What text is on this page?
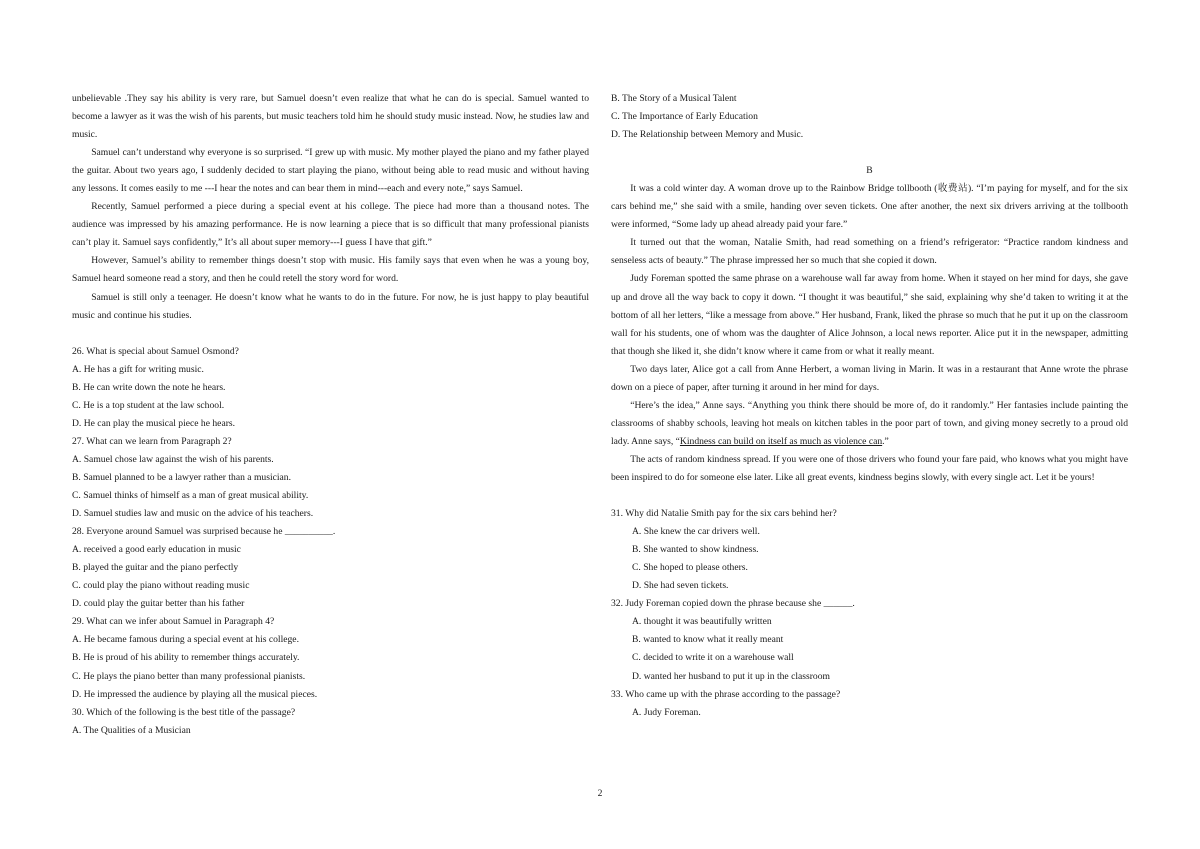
unbelievable .They say his ability is very rare, but Samuel doesn’t even realize that what he can do is special. Samuel wanted to become a lawyer as it was the wish of his parents, but music teachers told him he should study music instead. Now, he studies law and music.

Samuel can’t understand why everyone is so surprised. “I grew up with music. My mother played the piano and my father played the guitar. About two years ago, I suddenly decided to start playing the piano, without being able to read music and without having any lessons. It comes easily to me ---I hear the notes and can bear them in mind---each and every note,” says Samuel.

Recently, Samuel performed a piece during a special event at his college. The piece had more than a thousand notes. The audience was impressed by his amazing performance. He is now learning a piece that is so difficult that many professional pianists can’t play it. Samuel says confidently,” It’s all about super memory---I guess I have that gift.”

However, Samuel’s ability to remember things doesn’t stop with music. His family says that even when he was a young boy, Samuel heard someone read a story, and then he could retell the story word for word.

Samuel is still only a teenager. He doesn’t know what he wants to do in the future. For now, he is just happy to play beautiful music and continue his studies.

26. What is special about Samuel Osmond?
A. He has a gift for writing music.
B. He can write down the note he hears.
C. He is a top student at the law school.
D. He can play the musical piece he hears.
27. What can we learn from Paragraph 2?
A. Samuel chose law against the wish of his parents.
B. Samuel planned to be a lawyer rather than a musician.
C. Samuel thinks of himself as a man of great musical ability.
D. Samuel studies law and music on the advice of his teachers.
28. Everyone around Samuel was surprised because he __________.
A. received a good early education in music
B. played the guitar and the piano perfectly
C. could play the piano without reading music
D. could play the guitar better than his father
29. What can we infer about Samuel in Paragraph 4?
A. He became famous during a special event at his college.
B. He is proud of his ability to remember things accurately.
C. He plays the piano better than many professional pianists.
D. He impressed the audience by playing all the musical pieces.
30. Which of the following is the best title of the passage?
A. The Qualities of a Musician
B. The Story of a Musical Talent
C. The Importance of Early Education
D. The Relationship between Memory and Music.
B

It was a cold winter day. A woman drove up to the Rainbow Bridge tollbooth (收费站). “I’m paying for myself, and for the six cars behind me,” she said with a smile, handing over seven tickets. One after another, the next six drivers arriving at the tollbooth were informed, “Some lady up ahead already paid your fare.”

It turned out that the woman, Natalie Smith, had read something on a friend’s refrigerator: “Practice random kindness and senseless acts of beauty.” The phrase impressed her so much that she copied it down.

Judy Foreman spotted the same phrase on a warehouse wall far away from home. When it stayed on her mind for days, she gave up and drove all the way back to copy it down. “I thought it was beautiful,” she said, explaining why she’d taken to writing it at the bottom of all her letters, “like a message from above.” Her husband, Frank, liked the phrase so much that he put it up on the classroom wall for his students, one of whom was the daughter of Alice Johnson, a local news reporter. Alice put it in the newspaper, admitting that though she liked it, she didn’t know where it came from or what it really meant.

Two days later, Alice got a call from Anne Herbert, a woman living in Marin. It was in a restaurant that Anne wrote the phrase down on a piece of paper, after turning it around in her mind for days.

“Here’s the idea,” Anne says. “Anything you think there should be more of, do it randomly.” Her fantasies include painting the classrooms of shabby schools, leaving hot meals on kitchen tables in the poor part of town, and giving money secretly to a proud old lady. Anne says, “Kindness can build on itself as much as violence can.”

The acts of random kindness spread. If you were one of those drivers who found your fare paid, who knows what you might have been inspired to do for someone else later. Like all great events, kindness begins slowly, with every single act. Let it be yours!

31. Why did Natalie Smith pay for the six cars behind her?
A. She knew the car drivers well.
B. She wanted to show kindness.
C. She hoped to please others.
D. She had seven tickets.
32. Judy Foreman copied down the phrase because she ______.
A. thought it was beautifully written
B. wanted to know what it really meant
C. decided to write it on a warehouse wall
D. wanted her husband to put it up in the classroom
33. Who came up with the phrase according to the passage?
A. Judy Foreman.
2
